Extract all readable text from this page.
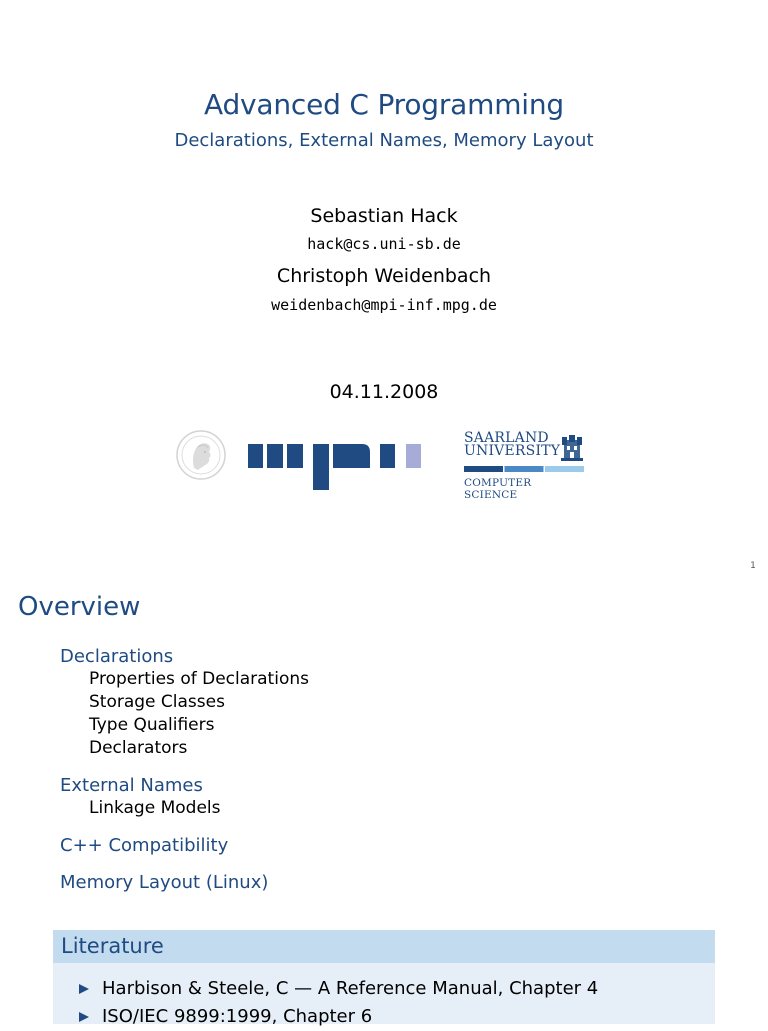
Advanced C Programming
Declarations, External Names, Memory Layout
Sebastian Hack
hack@cs.uni-sb.de
Christoph Weidenbach
weidenbach@mpi-inf.mpg.de
04.11.2008
SAARLAND
UNIVERSITY
COMPUTER SCIENCE
1
Overview
Declarations
Properties of Declarations
Storage Classes
Type Qualifiers
Declarators
External Names
Linkage Models
C++ Compatibility
Memory Layout (Linux)
Literature
Harbison & Steele, C — A Reference Manual, Chapter 4
ISO/IEC 9899:1999, Chapter 6
